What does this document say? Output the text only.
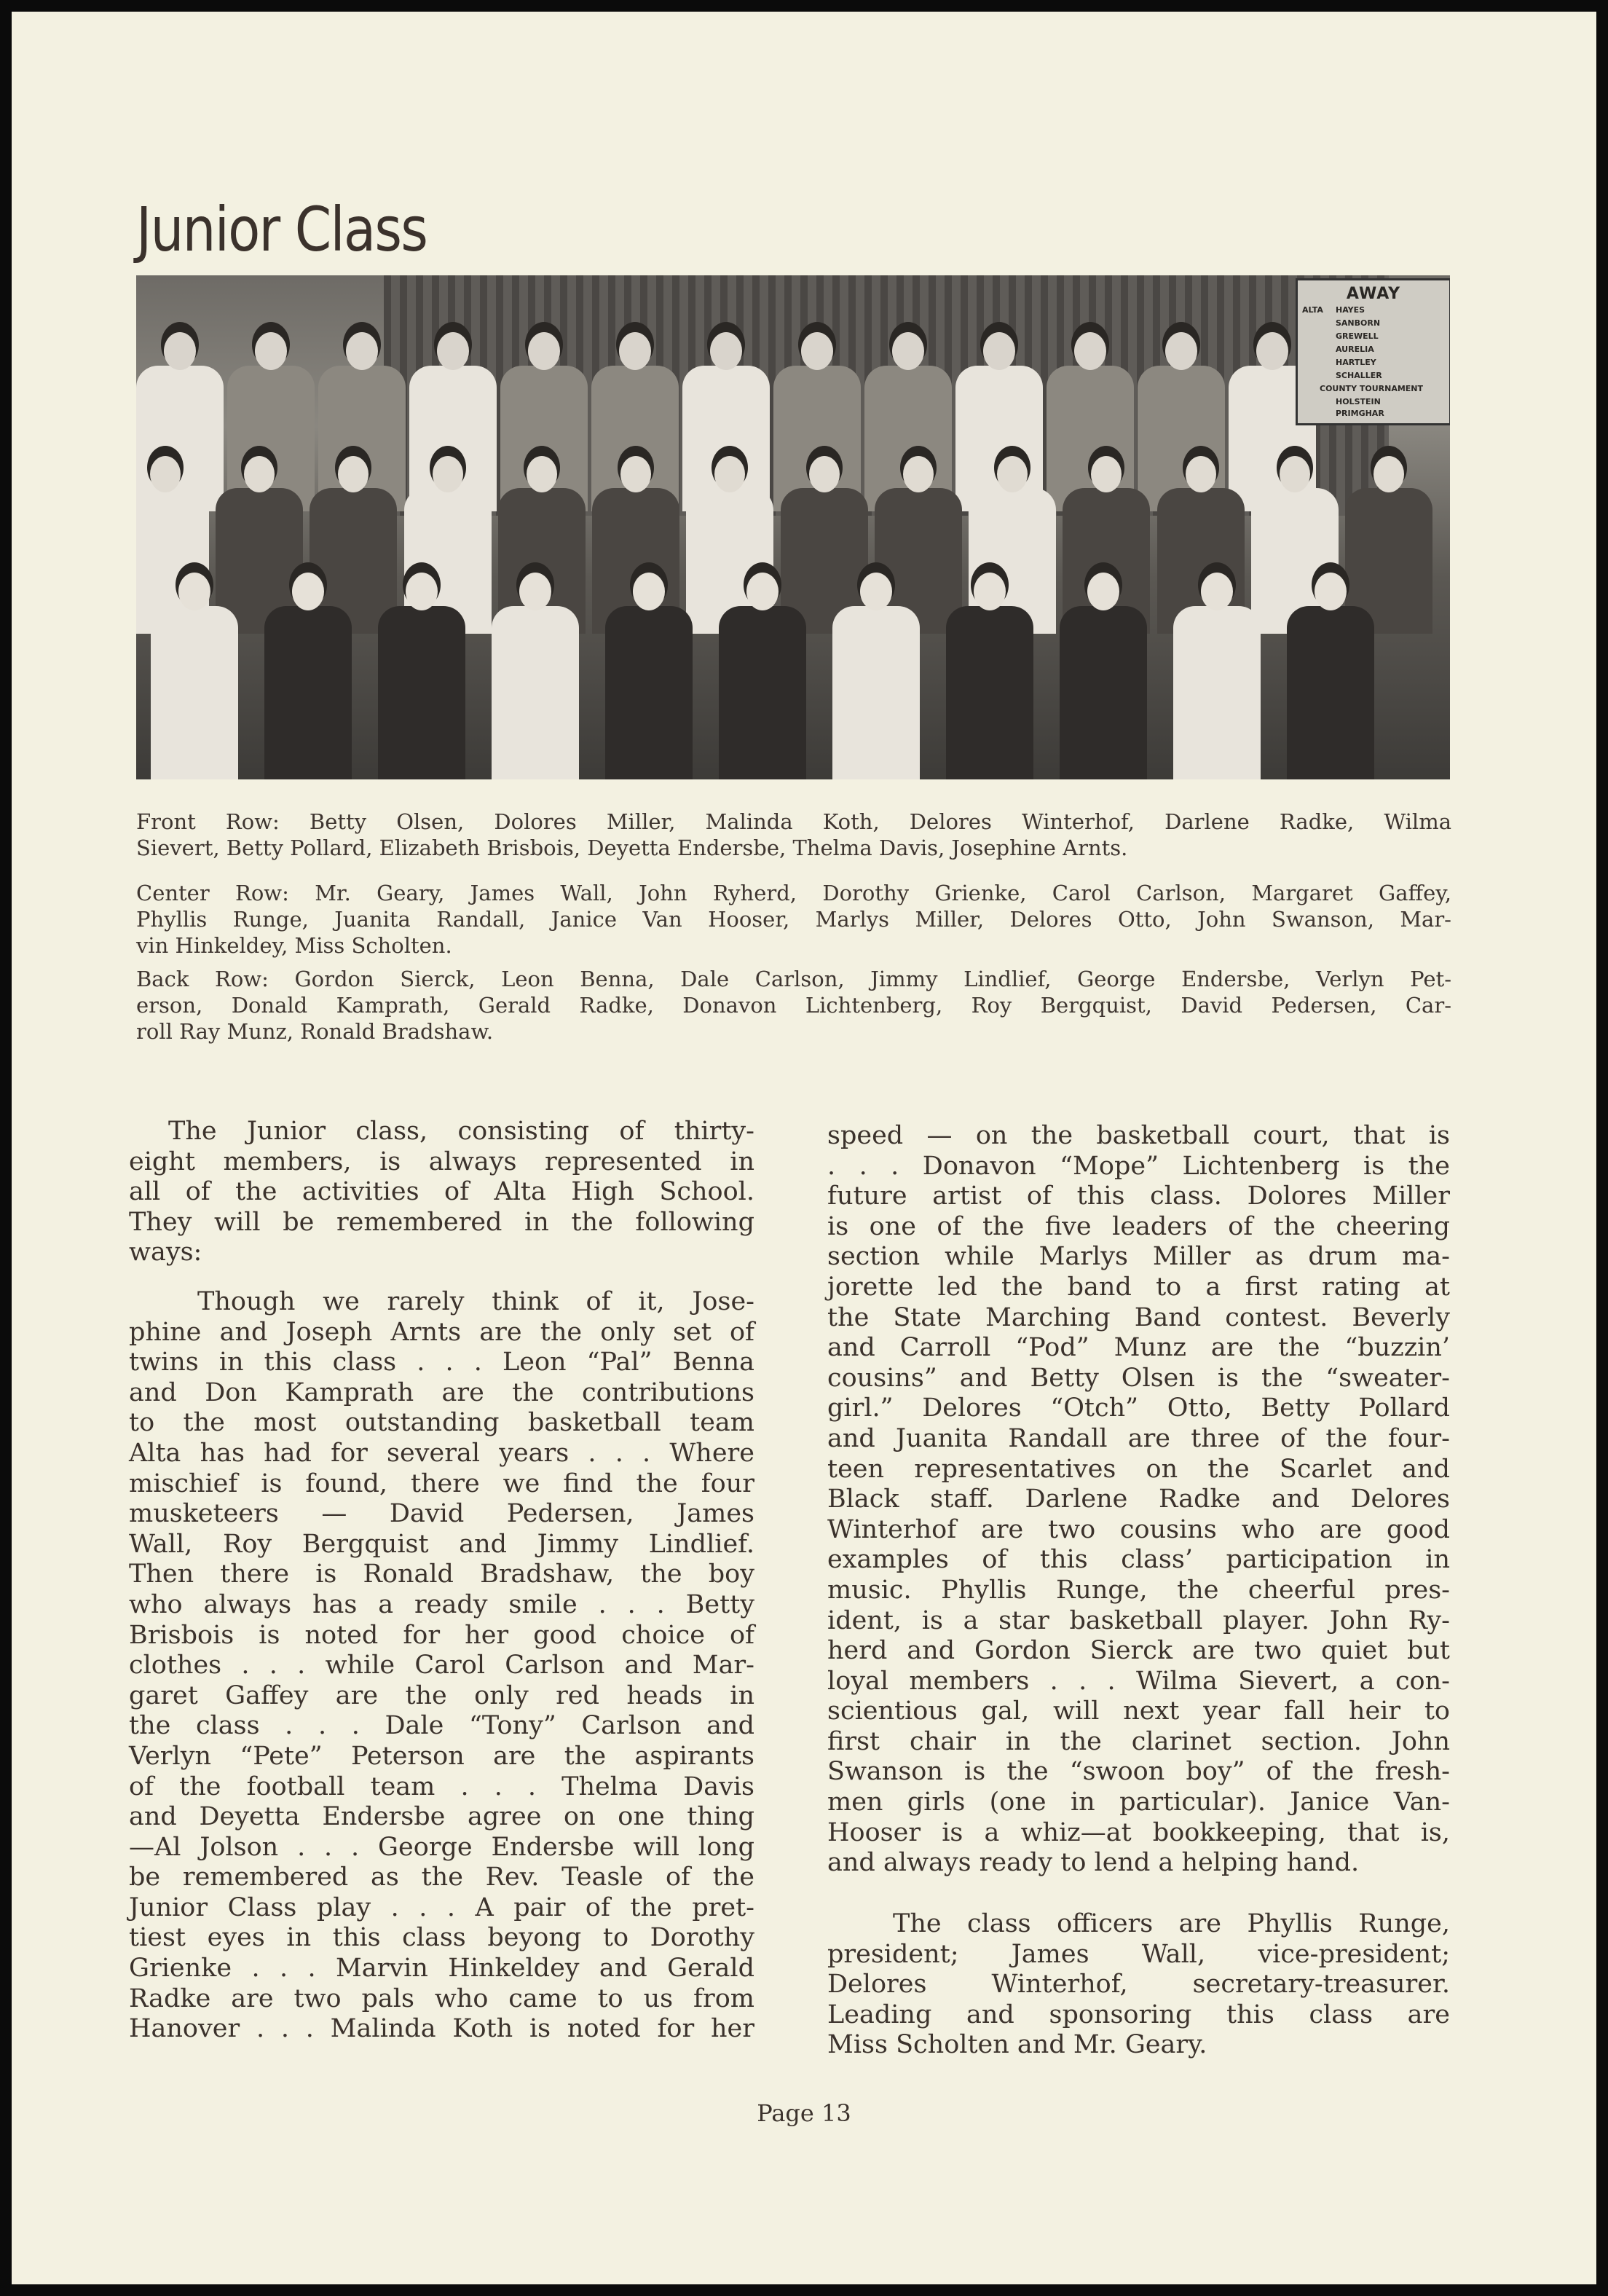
Junior Class
AWAY
ALTA HAYES
SANBORN
GREWELL
AURELIA
HARTLEY
SCHALLER
COUNTY TOURNAMENT
HOLSTEIN
PRIMGHAR
Front Row: Betty Olsen, Dolores Miller, Malinda Koth, Delores Winterhof, Darlene Radke, Wilma
Sievert, Betty Pollard, Elizabeth Brisbois, Deyetta Endersbe, Thelma Davis, Josephine Arnts.
Center Row: Mr. Geary, James Wall, John Ryherd, Dorothy Grienke, Carol Carlson, Margaret Gaffey,
Phyllis Runge, Juanita Randall, Janice Van Hooser, Marlys Miller, Delores Otto, John Swanson, Mar-
vin Hinkeldey, Miss Scholten.
Back Row: Gordon Sierck, Leon Benna, Dale Carlson, Jimmy Lindlief, George Endersbe, Verlyn Pet-
erson, Donald Kamprath, Gerald Radke, Donavon Lichtenberg, Roy Bergquist, David Pedersen, Car-
roll Ray Munz, Ronald Bradshaw.
The Junior class, consisting of thirty-
eight members, is always represented in
all of the activities of Alta High School.
They will be remembered in the following
ways:
Though we rarely think of it, Jose-
phine and Joseph Arnts are the only set of
twins in this class . . . Leon “Pal” Benna
and Don Kamprath are the contributions
to the most outstanding basketball team
Alta has had for several years . . . Where
mischief is found, there we find the four
musketeers — David Pedersen, James
Wall, Roy Bergquist and Jimmy Lindlief.
Then there is Ronald Bradshaw, the boy
who always has a ready smile . . . Betty
Brisbois is noted for her good choice of
clothes . . . while Carol Carlson and Mar-
garet Gaffey are the only red heads in
the class . . . Dale “Tony” Carlson and
Verlyn “Pete” Peterson are the aspirants
of the football team . . . Thelma Davis
and Deyetta Endersbe agree on one thing
—Al Jolson . . . George Endersbe will long
be remembered as the Rev. Teasle of the
Junior Class play . . . A pair of the pret-
tiest eyes in this class beyong to Dorothy
Grienke . . . Marvin Hinkeldey and Gerald
Radke are two pals who came to us from
Hanover . . . Malinda Koth is noted for her
speed — on the basketball court, that is
. . . Donavon “Mope” Lichtenberg is the
future artist of this class. Dolores Miller
is one of the five leaders of the cheering
section while Marlys Miller as drum ma-
jorette led the band to a first rating at
the State Marching Band contest. Beverly
and Carroll “Pod” Munz are the “buzzin’
cousins” and Betty Olsen is the “sweater-
girl.” Delores “Otch” Otto, Betty Pollard
and Juanita Randall are three of the four-
teen representatives on the Scarlet and
Black staff. Darlene Radke and Delores
Winterhof are two cousins who are good
examples of this class’ participation in
music. Phyllis Runge, the cheerful pres-
ident, is a star basketball player. John Ry-
herd and Gordon Sierck are two quiet but
loyal members . . . Wilma Sievert, a con-
scientious gal, will next year fall heir to
first chair in the clarinet section. John
Swanson is the “swoon boy” of the fresh-
men girls (one in particular). Janice Van-
Hooser is a whiz—at bookkeeping, that is,
and always ready to lend a helping hand.
The class officers are Phyllis Runge,
president; James Wall, vice-president;
Delores Winterhof, secretary-treasurer.
Leading and sponsoring this class are
Miss Scholten and Mr. Geary.
Page 13
